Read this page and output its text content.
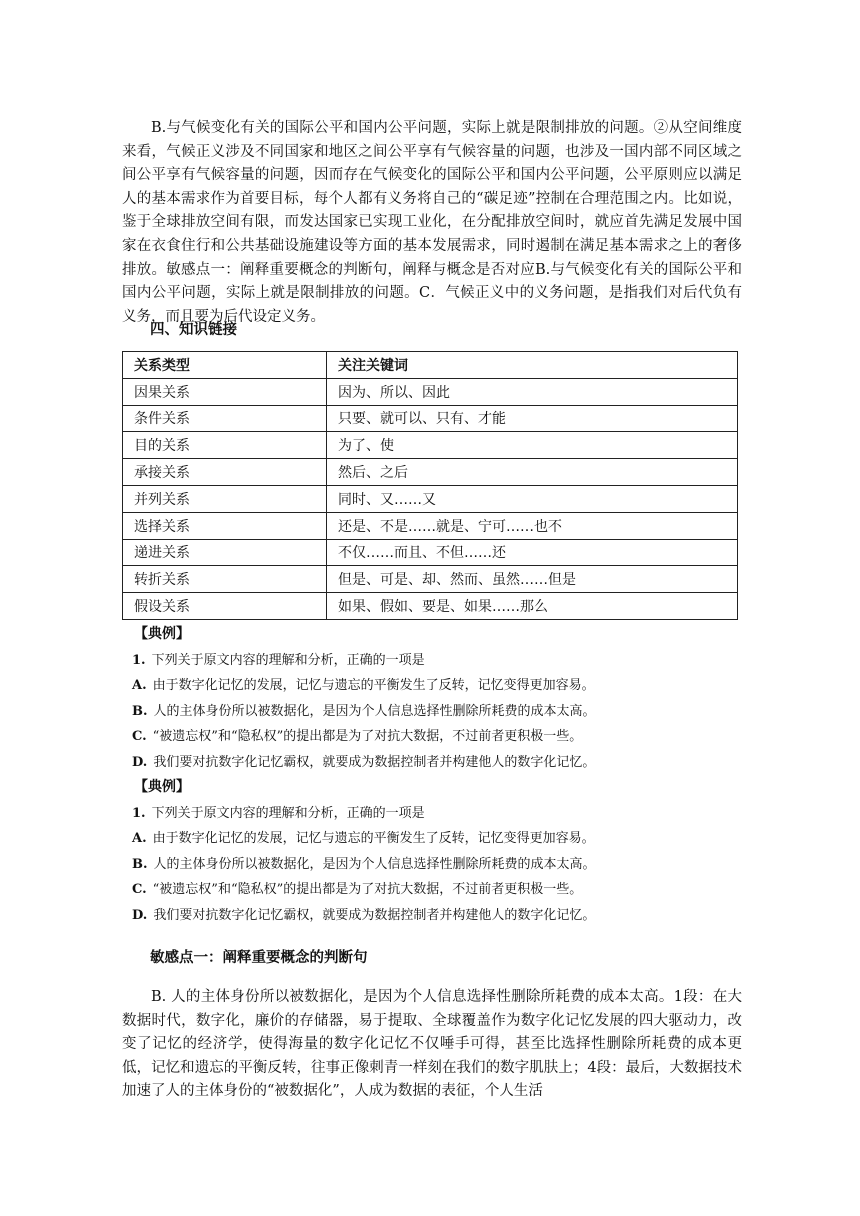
B.与气候变化有关的国际公平和国内公平问题，实际上就是限制排放的问题。②从空间维度来看，气候正义涉及不同国家和地区之间公平享有气候容量的问题，也涉及一国内部不同区域之间公平享有气候容量的问题，因而存在气候变化的国际公平和国内公平问题，公平原则应以满足人的基本需求作为首要目标，每个人都有义务将自己的“碳足迹”控制在合理范围之内。比如说，鉴于全球排放空间有限，而发达国家已实现工业化，在分配排放空间时，就应首先满足发展中国家在衣食住行和公共基础设施建设等方面的基本发展需求，同时遏制在满足基本需求之上的奢侈排放。敏感点一：阐释重要概念的判断句，阐释与概念是否对应B.与气候变化有关的国际公平和国内公平问题，实际上就是限制排放的问题。C．气候正义中的义务问题，是指我们对后代负有义务，而且要为后代设定义务。

四、知识链接

关系类型	关注关键词
因果关系	因为、所以、因此
条件关系	只要、就可以、只有、才能
目的关系	为了、使
承接关系	然后、之后
并列关系	同时、又……又
选择关系	还是、不是……就是、宁可……也不
递进关系	不仅……而且、不但……还
转折关系	但是、可是、却、然而、虽然……但是
假设关系	如果、假如、要是、如果……那么
【典例】
1. 下列关于原文内容的理解和分析，正确的一项是
A. 由于数字化记忆的发展，记忆与遗忘的平衡发生了反转，记忆变得更加容易。
B. 人的主体身份所以被数据化，是因为个人信息选择性删除所耗费的成本太高。
C. “被遗忘权”和“隐私权”的提出都是为了对抗大数据，不过前者更积极一些。
D. 我们要对抗数字化记忆霸权，就要成为数据控制者并构建他人的数字化记忆。
【典例】
1. 下列关于原文内容的理解和分析，正确的一项是
A. 由于数字化记忆的发展，记忆与遗忘的平衡发生了反转，记忆变得更加容易。
B. 人的主体身份所以被数据化，是因为个人信息选择性删除所耗费的成本太高。
C. “被遗忘权”和“隐私权”的提出都是为了对抗大数据，不过前者更积极一些。
D. 我们要对抗数字化记忆霸权，就要成为数据控制者并构建他人的数字化记忆。

敏感点一：阐释重要概念的判断句

B. 人的主体身份所以被数据化，是因为个人信息选择性删除所耗费的成本太高。1段：在大数据时代，数字化，廉价的存储器，易于提取、全球覆盖作为数字化记忆发展的四大驱动力，改变了记忆的经济学，使得海量的数字化记忆不仅唾手可得，甚至比选择性删除所耗费的成本更低，记忆和遗忘的平衡反转，往事正像刺青一样刻在我们的数字肌肤上；4段：最后，大数据技术加速了人的主体身份的“被数据化”，人成为数据的表征，个人生活
